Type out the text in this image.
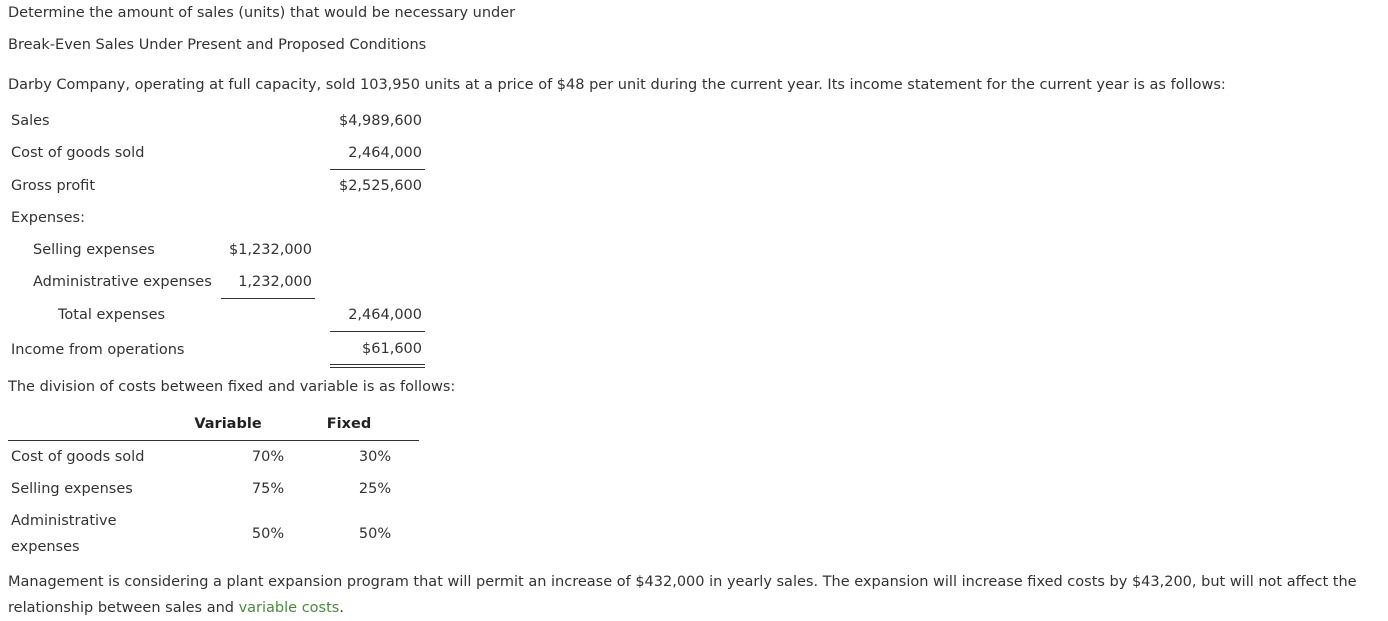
Determine the amount of sales (units) that would be necessary under
Break-Even Sales Under Present and Proposed Conditions
Darby Company, operating at full capacity, sold 103,950 units at a price of $48 per unit during the current year. Its income statement for the current year is as follows:
Sales	$4,989,600
Cost of goods sold	2,464,000
Gross profit	$2,525,600
Expenses:
Selling expenses	$1,232,000
Administrative expenses	1,232,000
Total expenses	2,464,000
Income from operations	$61,600
The division of costs between fixed and variable is as follows:
Variable	Fixed
Cost of goods sold	70%	30%
Selling expenses	75%	25%
Administrative
expenses
50%	50%
Management is considering a plant expansion program that will permit an increase of $432,000 in yearly sales. The expansion will increase fixed costs by $43,200, but will not affect the relationship between sales and variable costs.
